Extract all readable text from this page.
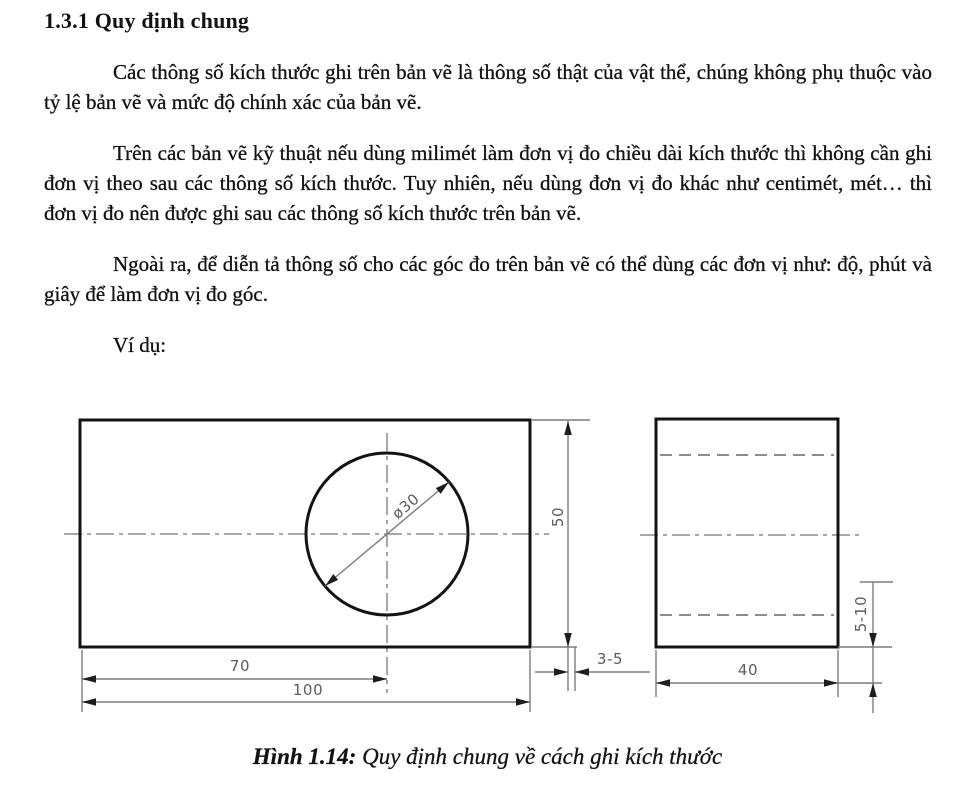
1.3.1 Quy định chung

Các thông số kích thước ghi trên bản vẽ là thông số thật của vật thể, chúng không phụ thuộc vào tỷ lệ bản vẽ và mức độ chính xác của bản vẽ.

Trên các bản vẽ kỹ thuật nếu dùng milimét làm đơn vị đo chiều dài kích thước thì không cần ghi đơn vị theo sau các thông số kích thước. Tuy nhiên, nếu dùng đơn vị đo khác như centimét, mét… thì đơn vị đo nên được ghi sau các thông số kích thước trên bản vẽ.

Ngoài ra, để diễn tả thông số cho các góc đo trên bản vẽ có thể dùng các đơn vị như: độ, phút và giây để làm đơn vị đo góc.

Ví dụ:

ø30
70
100
50
3-5
40
5-10
Hình 1.14: Quy định chung về cách ghi kích thước
